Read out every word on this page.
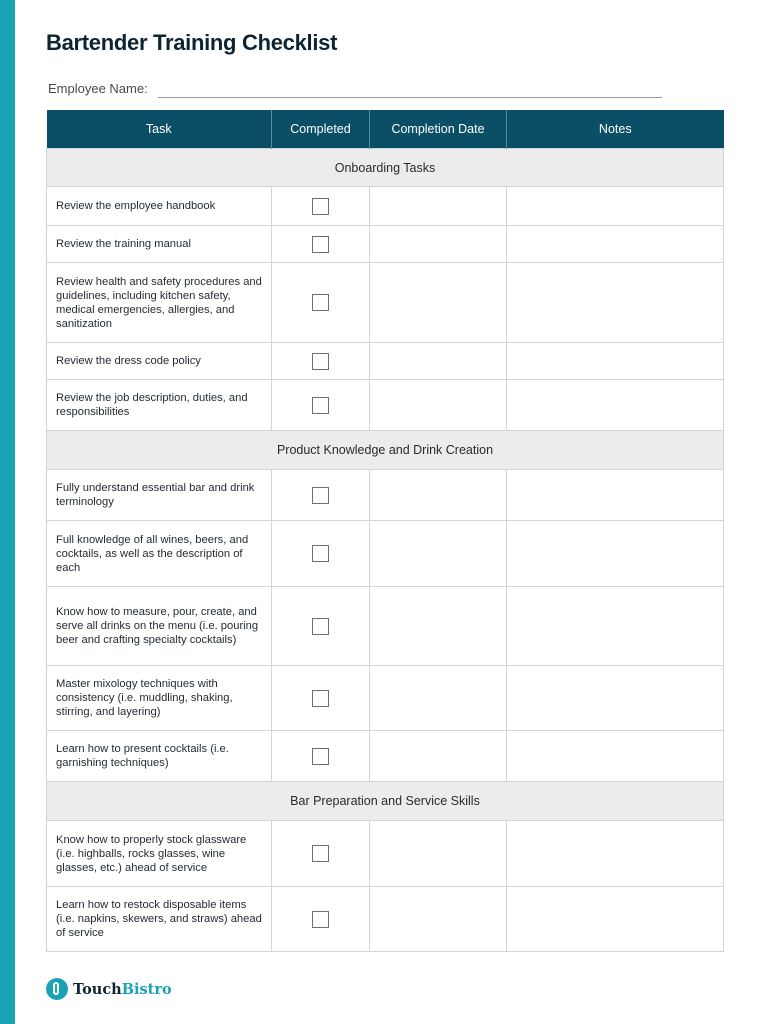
Bartender Training Checklist
Employee Name:
Task	Completed	Completion Date	Notes
Onboarding Tasks			
Review the employee handbook			
Review the training manual			
Review health and safety procedures and guidelines, including kitchen safety, medical emergencies, allergies, and sanitization			
Review the dress code policy			
Review the job description, duties, and responsibilities			
Product Knowledge and Drink Creation			
Fully understand essential bar and drink terminology			
Full knowledge of all wines, beers, and cocktails, as well as the description of each			
Know how to measure, pour, create, and serve all drinks on the menu (i.e. pouring beer and crafting specialty cocktails)			
Master mixology techniques with consistency (i.e. muddling, shaking, stirring, and layering)			
Learn how to present cocktails (i.e. garnishing techniques)			
Bar Preparation and Service Skills			
Know how to properly stock glassware (i.e. highballs, rocks glasses, wine glasses, etc.) ahead of service			
Learn how to restock disposable items (i.e. napkins, skewers, and straws) ahead of service			
TouchBistro
